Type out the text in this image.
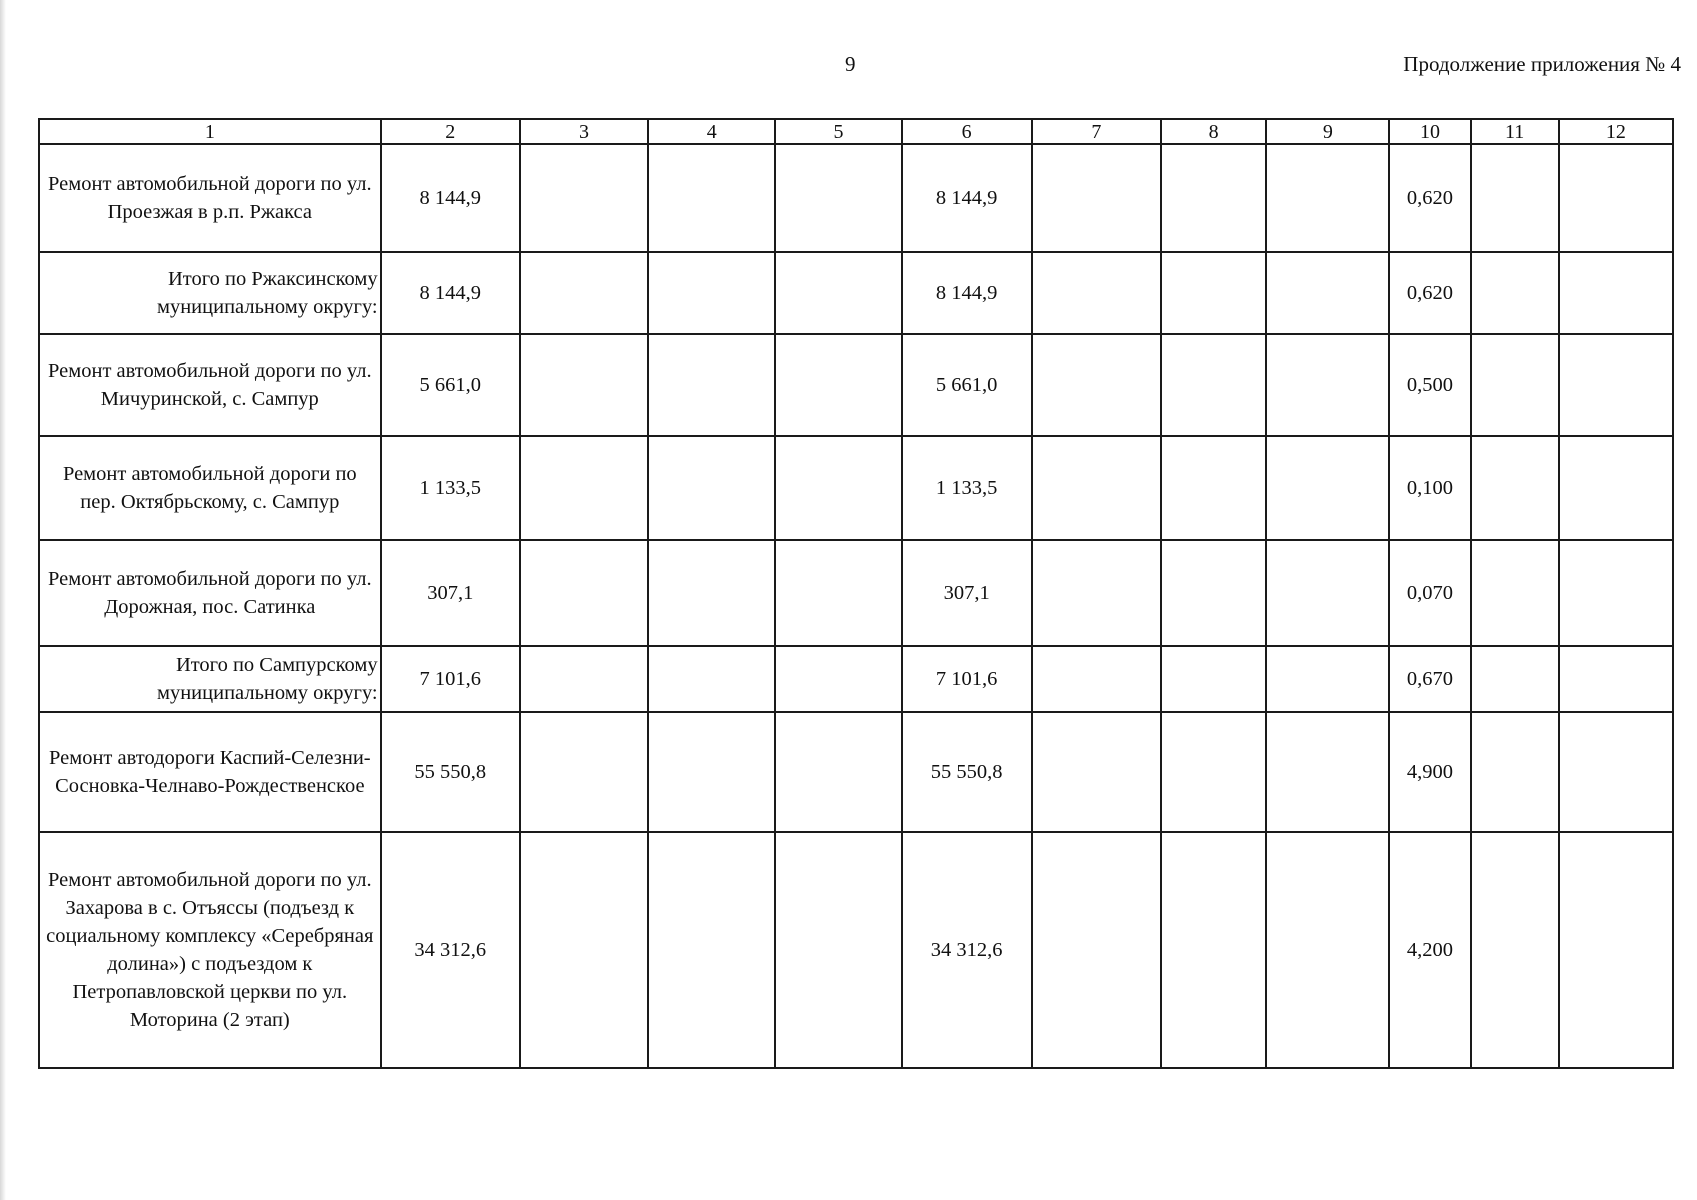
9	Продолжение приложения № 4
1	2	3	4	5	6	7	8	9	10	11	12
Ремонт автомобильной дороги по ул. Проезжая в р.п. Ржакса	8 144,9				8 144,9				0,620		
Итого по Ржаксинскому муниципальному округу:	8 144,9				8 144,9				0,620		
Ремонт автомобильной дороги по ул. Мичуринской, с. Сампур	5 661,0				5 661,0				0,500		
Ремонт автомобильной дороги по пер. Октябрьскому, с. Сампур	1 133,5				1 133,5				0,100		
Ремонт автомобильной дороги по ул. Дорожная, пос. Сатинка	307,1				307,1				0,070		
Итого по Сампурскому муниципальному округу:	7 101,6				7 101,6				0,670		
Ремонт автодороги Каспий-Селезни-Сосновка-Челнаво-Рождественское	55 550,8				55 550,8				4,900		
Ремонт автомобильной дороги по ул. Захарова в с. Отъяссы (подъезд к социальному комплексу «Серебряная долина») с подъездом к Петропавловской церкви по ул. Моторина (2 этап)	34 312,6				34 312,6				4,200		
